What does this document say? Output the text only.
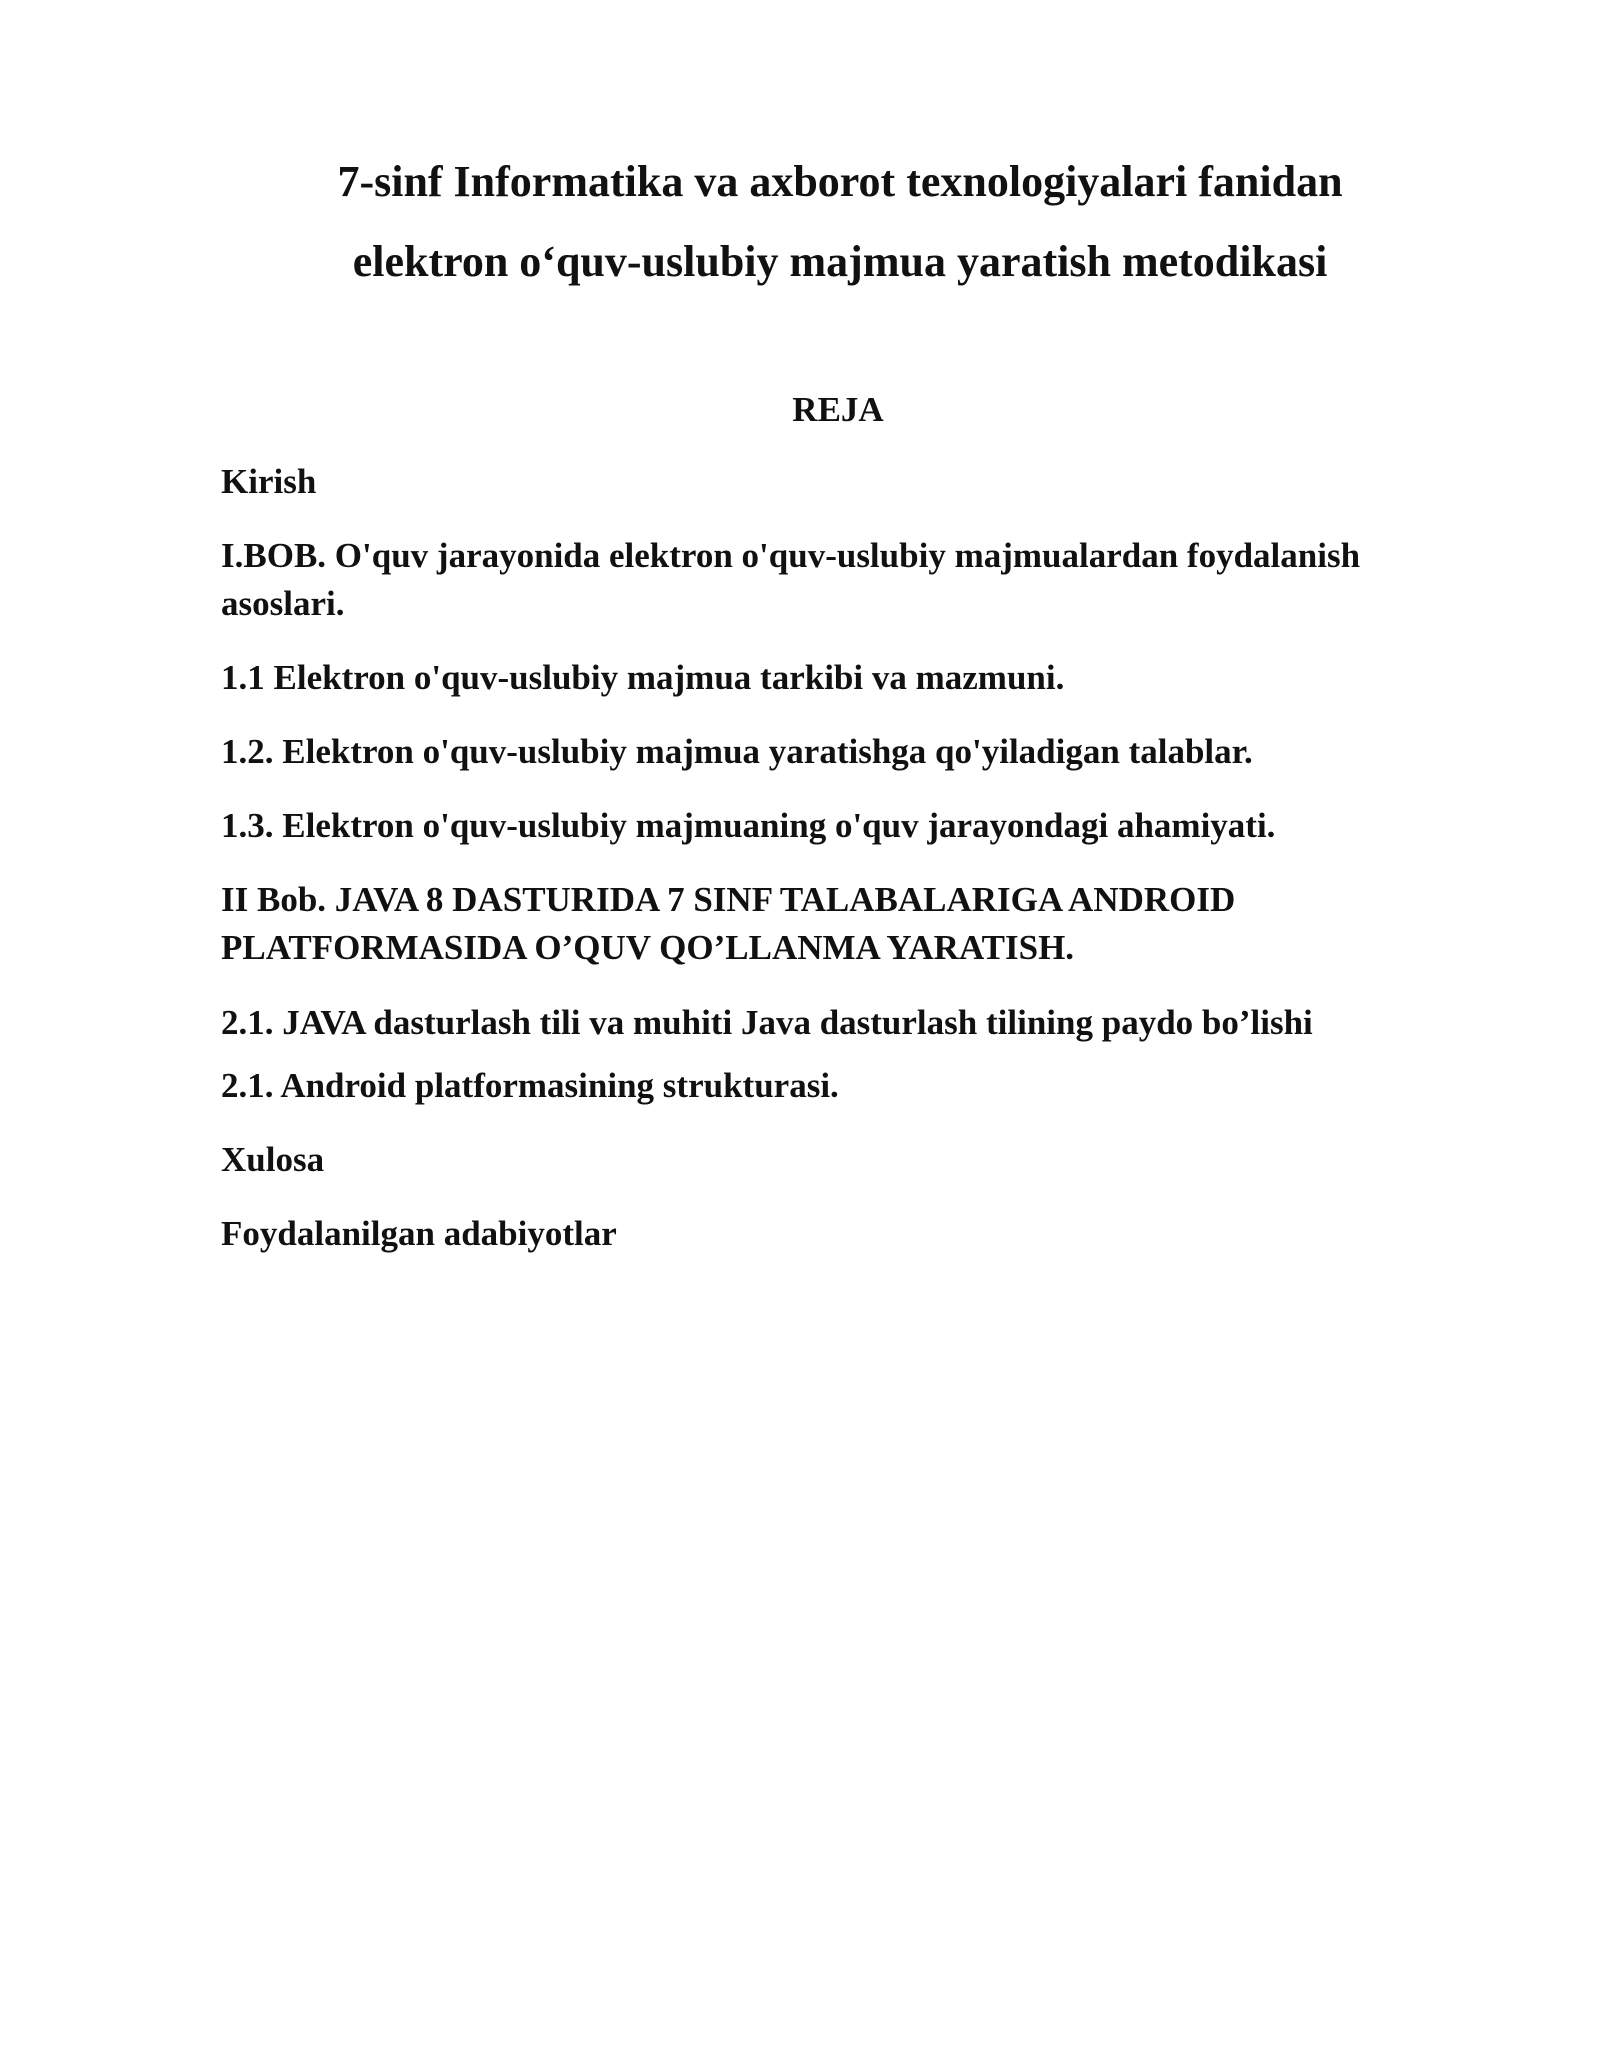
7-sinf Informatika va axborot texnologiyalari fanidan
elektron o‘quv-uslubiy majmua yaratish metodikasi
REJA
Kirish
I.BOB. O'quv jarayonida elektron o'quv-uslubiy majmualardan foydalanish asoslari.
1.1 Elektron o'quv-uslubiy majmua tarkibi va mazmuni.
1.2. Elektron o'quv-uslubiy majmua yaratishga qo'yiladigan talablar.
1.3. Elektron o'quv-uslubiy majmuaning o'quv jarayondagi ahamiyati.
II Bob. JAVA 8 DASTURIDA 7 SINF TALABALARIGA ANDROID PLATFORMASIDA O’QUV QO’LLANMA YARATISH.
2.1. JAVA dasturlash tili va muhiti Java dasturlash tilining paydo bo’lishi
2.1. Android platformasining strukturasi.
Xulosa
Foydalanilgan adabiyotlar
